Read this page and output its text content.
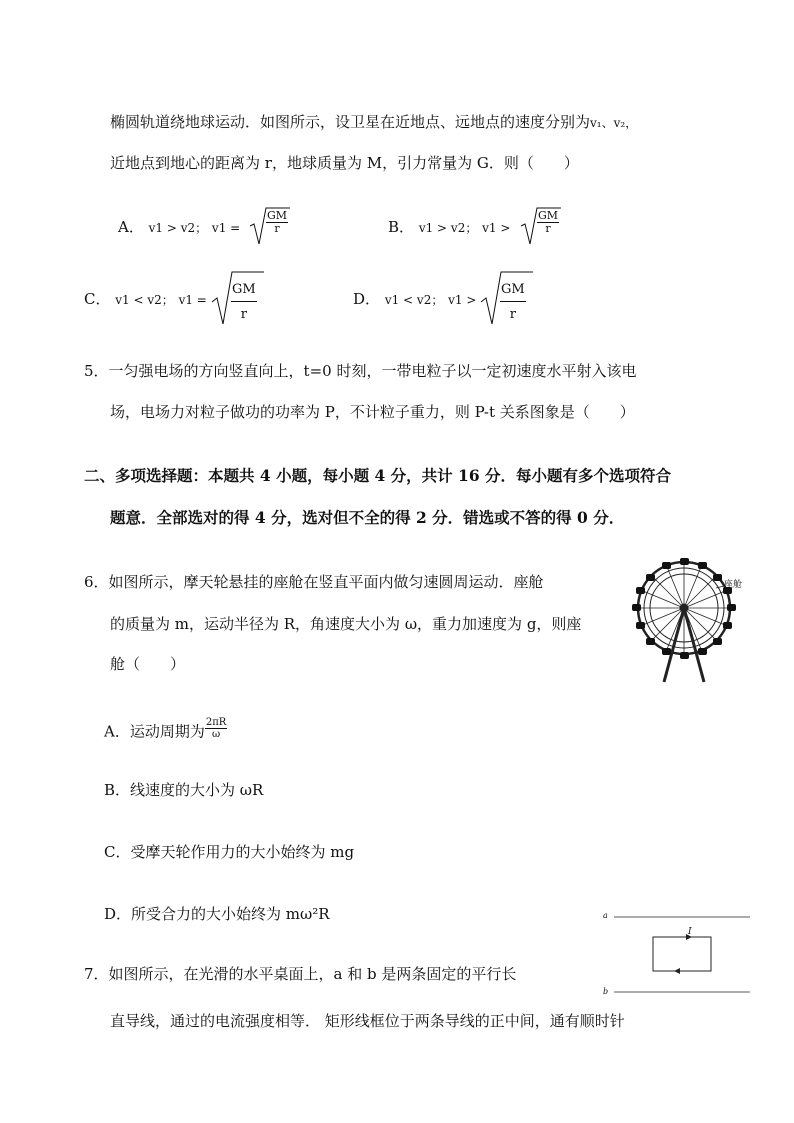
椭圆轨道绕地球运动．如图所示，设卫星在近地点、远地点的速度分别为v₁、v₂，
近地点到地心的距离为 r，地球质量为 M，引力常量为 G．则（　　）
A． v1 > v2； $v1 = \frac{GM}{r}$	B． v1 > v2； $v1 > \frac{GM}{r}$
C． v1 < v2； $v1 = \frac{GM}{r}$	D． v1 < v2； $v1 > \frac{GM}{r}$
5．一匀强电场的方向竖直向上，t=0 时刻，一带电粒子以一定初速度水平射入该电
场，电场力对粒子做功的功率为 P，不计粒子重力，则 P-t 关系图象是（　　）
二、多项选择题：本题共 4 小题，每小题 4 分，共计 16 分．每小题有多个选项符合
题意．全部选对的得 4 分，选对但不全的得 2 分．错选或不答的得 0 分．
6．如图所示，摩天轮悬挂的座舱在竖直平面内做匀速圆周运动．座舱
的质量为 m，运动半径为 R，角速度大小为 ω，重力加速度为 g，则座
舱（　　）
座舱
A．运动周期为 $\frac{2\pi R}{\omega}$
B．线速度的大小为 ωR
C．受摩天轮作用力的大小始终为 mg
D．所受合力的大小始终为 mω²R	a
b
I
7．如图所示，在光滑的水平桌面上，a 和 b 是两条固定的平行长
直导线，通过的电流强度相等． 矩形线框位于两条导线的正中间，通有顺时针
